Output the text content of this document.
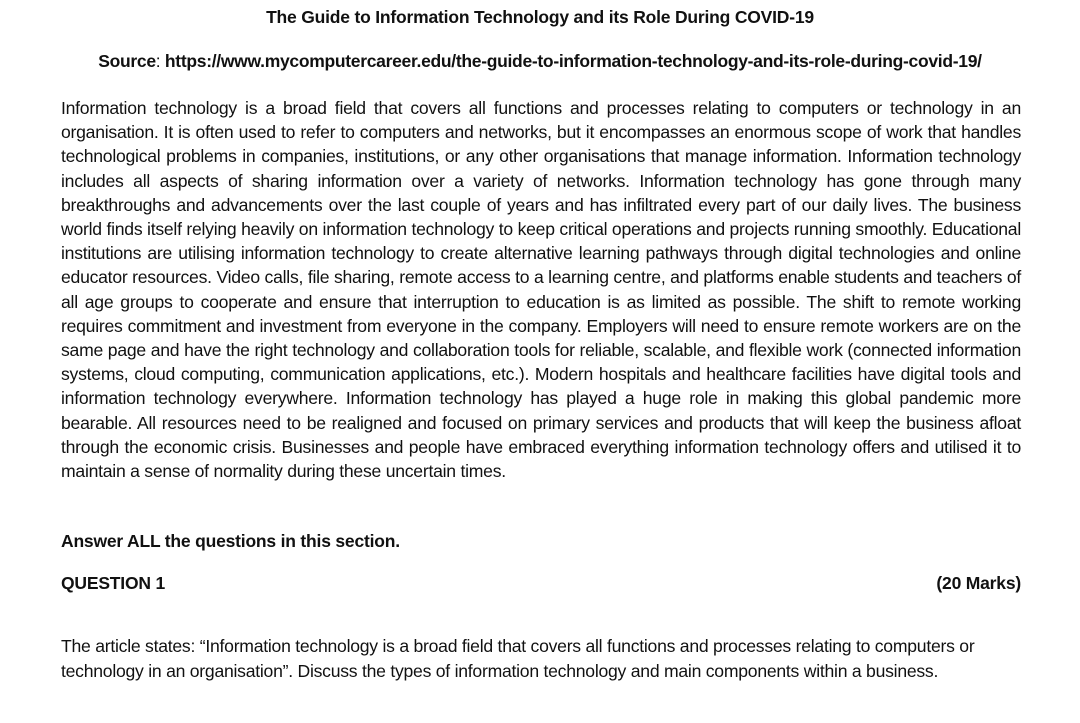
The Guide to Information Technology and its Role During COVID-19
Source: https://www.mycomputercareer.edu/the-guide-to-information-technology-and-its-role-during-covid-19/
Information technology is a broad field that covers all functions and processes relating to computers or technology in an organisation. It is often used to refer to computers and networks, but it encompasses an enormous scope of work that handles technological problems in companies, institutions, or any other organisations that manage information. Information technology includes all aspects of sharing information over a variety of networks. Information technology has gone through many breakthroughs and advancements over the last couple of years and has infiltrated every part of our daily lives. The business world finds itself relying heavily on information technology to keep critical operations and projects running smoothly. Educational institutions are utilising information technology to create alternative learning pathways through digital technologies and online educator resources. Video calls, file sharing, remote access to a learning centre, and platforms enable students and teachers of all age groups to cooperate and ensure that interruption to education is as limited as possible. The shift to remote working requires commitment and investment from everyone in the company. Employers will need to ensure remote workers are on the same page and have the right technology and collaboration tools for reliable, scalable, and flexible work (connected information systems, cloud computing, communication applications, etc.). Modern hospitals and healthcare facilities have digital tools and information technology everywhere. Information technology has played a huge role in making this global pandemic more bearable. All resources need to be realigned and focused on primary services and products that will keep the business afloat through the economic crisis. Businesses and people have embraced everything information technology offers and utilised it to maintain a sense of normality during these uncertain times.
Answer ALL the questions in this section.
QUESTION 1	(20 Marks)
The article states: “Information technology is a broad field that covers all functions and processes relating to computers or technology in an organisation”. Discuss the types of information technology and main components within a business.
